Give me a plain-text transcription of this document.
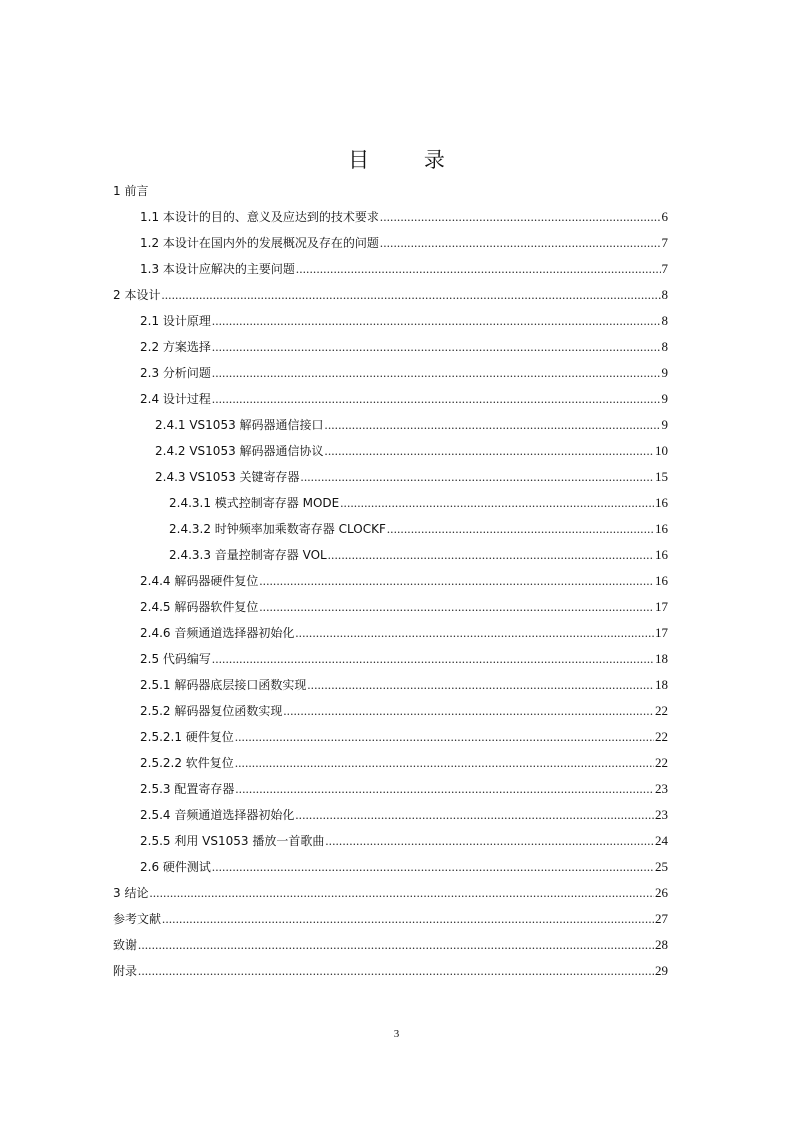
目 录
1 前言
1.1 本设计的目的、意义及应达到的技术要求 .....	6
1.2 本设计在国内外的发展概况及存在的问题 .....	7
1.3 本设计应解决的主要问题 .....	7
2 本设计 .....	8
2.1 设计原理 .....	8
2.2 方案选择 .....	8
2.3 分析问题 .....	9
2.4 设计过程 .....	9
2.4.1 VS1053 解码器通信接口 .....	9
2.4.2 VS1053 解码器通信协议 .....	10
2.4.3 VS1053 关键寄存器 .....	15
2.4.3.1 模式控制寄存器 MODE .....	16
2.4.3.2 时钟频率加乘数寄存器 CLOCKF .....	16
2.4.3.3 音量控制寄存器 VOL .....	16
2.4.4 解码器硬件复位 .....	16
2.4.5 解码器软件复位 .....	17
2.4.6 音频通道选择器初始化 .....	17
2.5 代码编写 .....	18
2.5.1 解码器底层接口函数实现 .....	18
2.5.2 解码器复位函数实现 .....	22
2.5.2.1 硬件复位 .....	22
2.5.2.2 软件复位 .....	22
2.5.3 配置寄存器 .....	23
2.5.4 音频通道选择器初始化 .....	23
2.5.5 利用 VS1053 播放一首歌曲 .....	24
2.6 硬件测试 .....	25
3 结论 .....	26
参考文献 .....	27
致谢 .....	28
附录 .....	29
3
